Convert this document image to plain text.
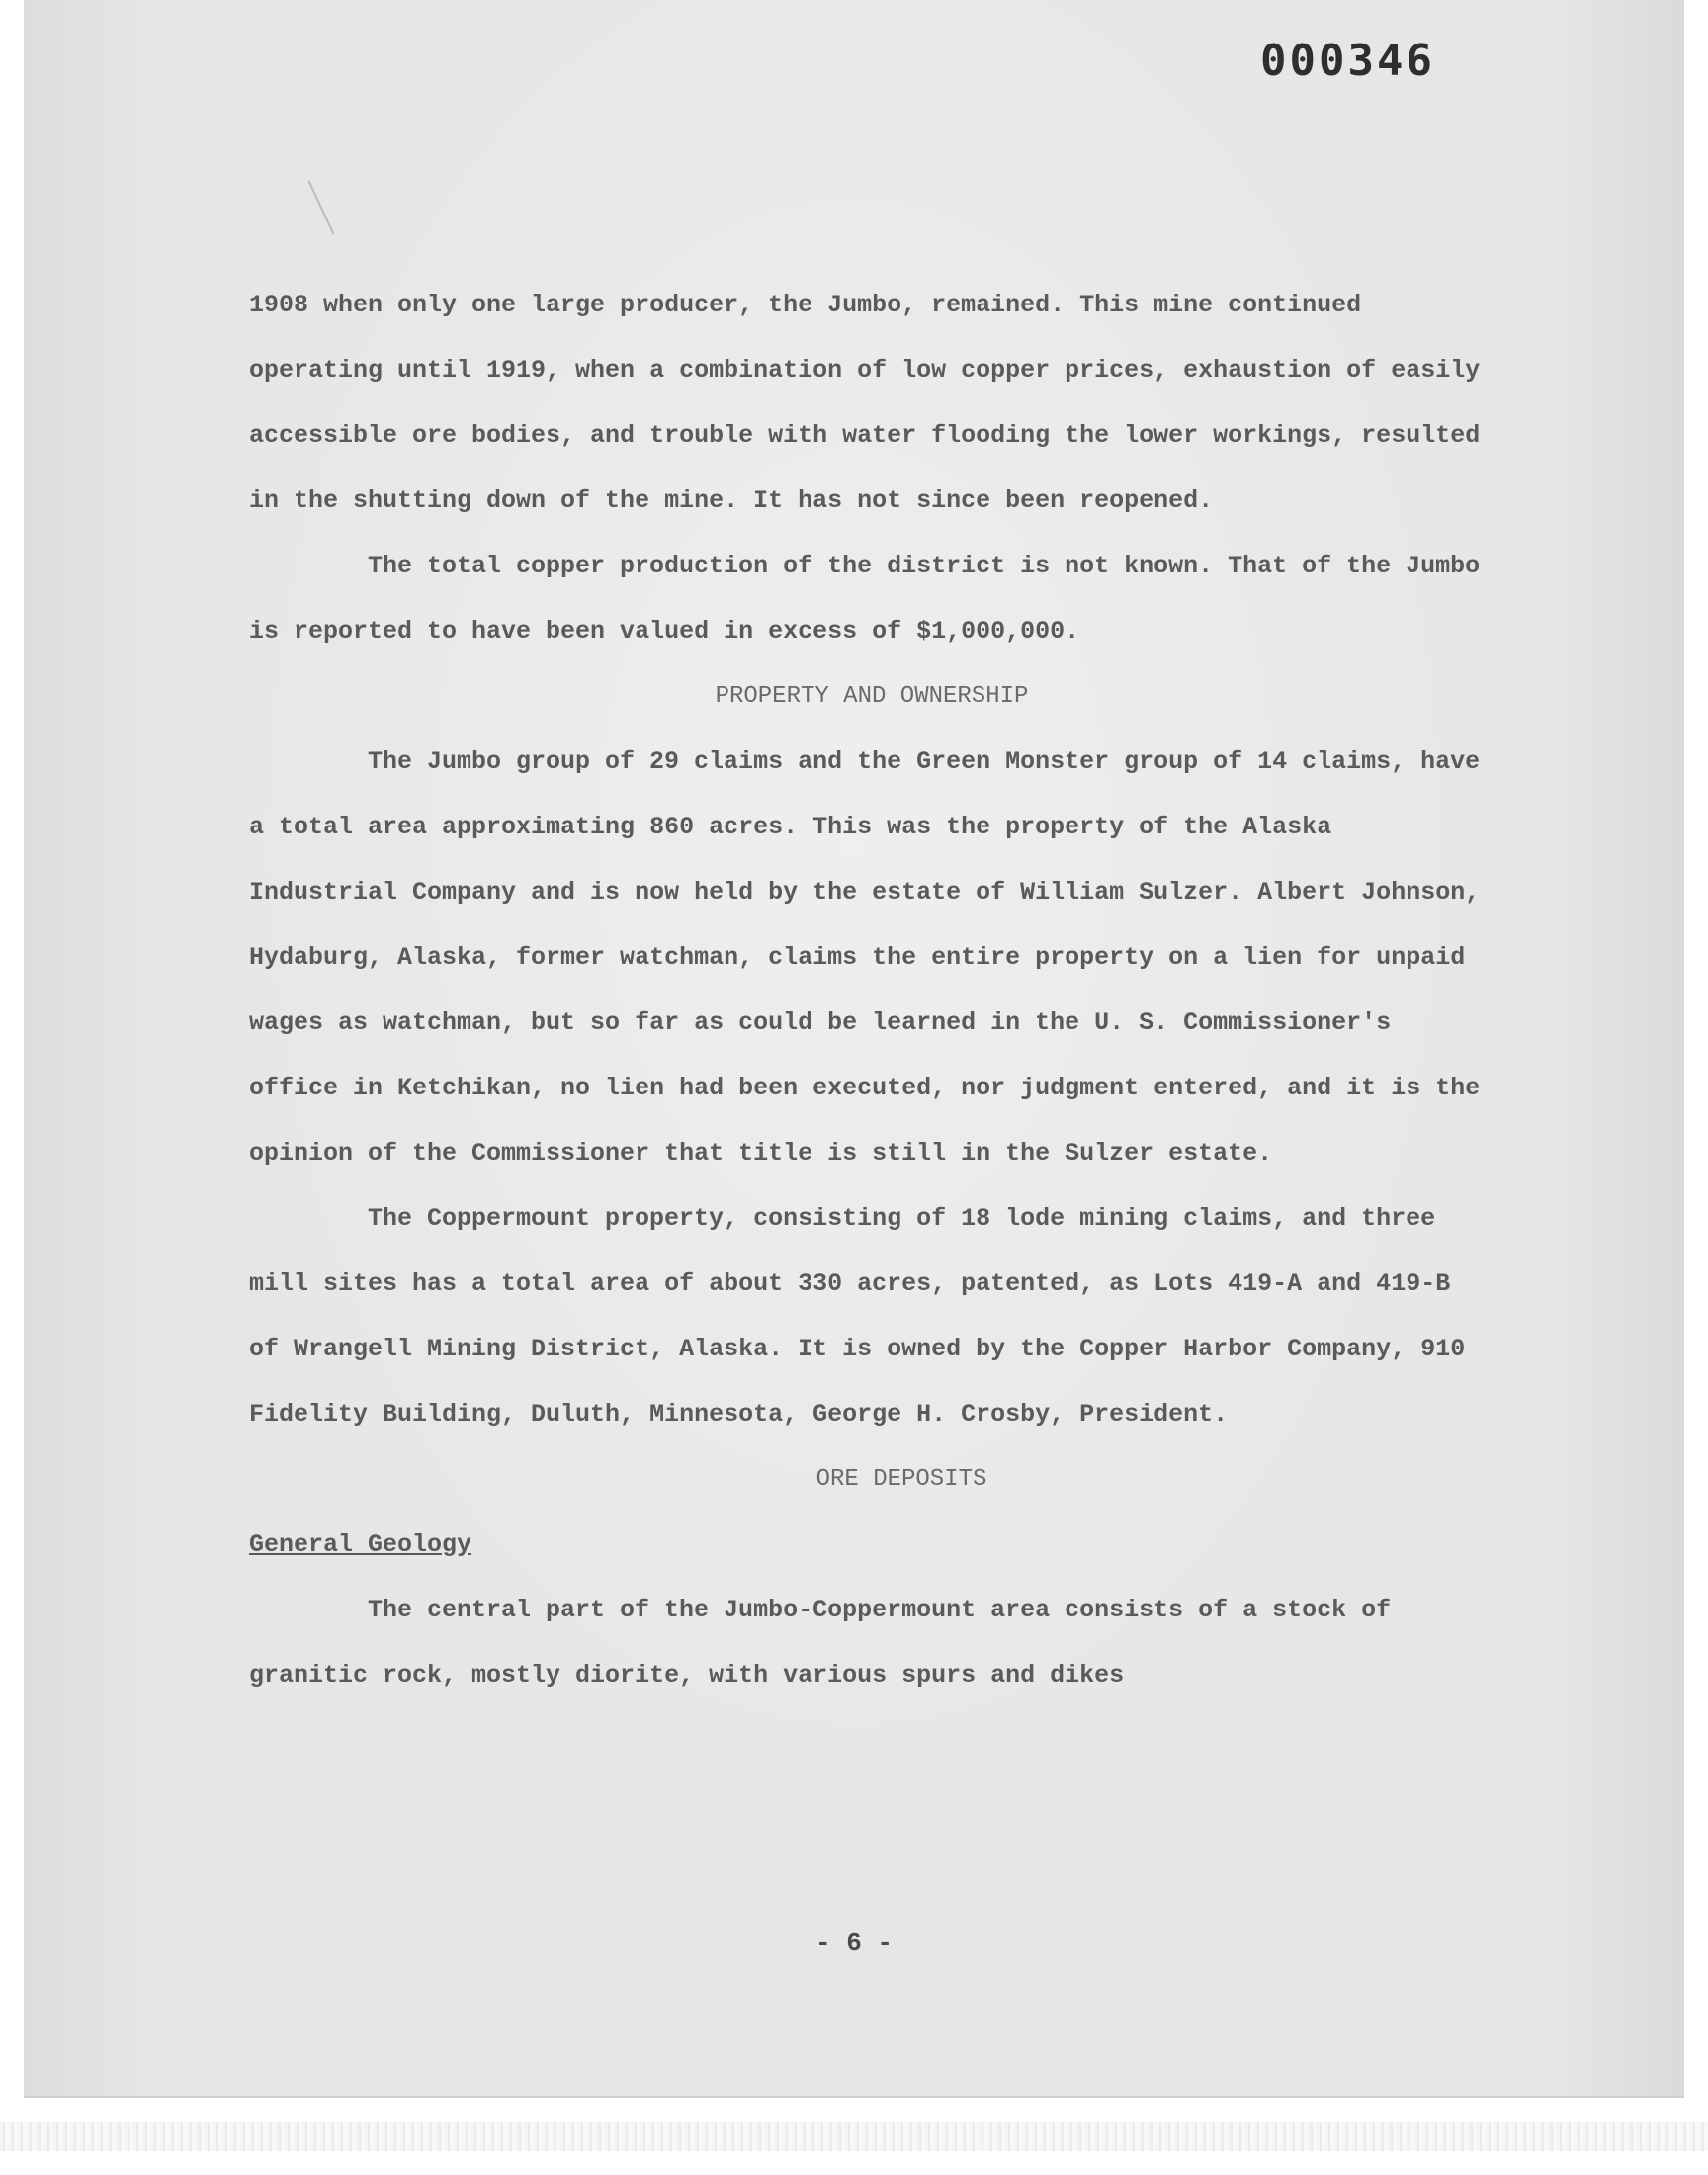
000346

1908 when only one large producer, the Jumbo, remained. This mine continued operating until 1919, when a combination of low copper prices, exhaustion of easily accessible ore bodies, and trouble with water flooding the lower workings, resulted in the shutting down of the mine. It has not since been reopened.

The total copper production of the district is not known. That of the Jumbo is reported to have been valued in excess of $1,000,000.

PROPERTY AND OWNERSHIP

The Jumbo group of 29 claims and the Green Monster group of 14 claims, have a total area approximating 860 acres. This was the property of the Alaska Industrial Company and is now held by the estate of William Sulzer. Albert Johnson, Hydaburg, Alaska, former watchman, claims the entire property on a lien for unpaid wages as watchman, but so far as could be learned in the U. S. Commissioner's office in Ketchikan, no lien had been executed, nor judgment entered, and it is the opinion of the Commissioner that title is still in the Sulzer estate.

The Coppermount property, consisting of 18 lode mining claims, and three mill sites has a total area of about 330 acres, patented, as Lots 419-A and 419-B of Wrangell Mining District, Alaska. It is owned by the Copper Harbor Company, 910 Fidelity Building, Duluth, Minnesota, George H. Crosby, President.

ORE DEPOSITS

General Geology

The central part of the Jumbo-Coppermount area consists of a stock of granitic rock, mostly diorite, with various spurs and dikes

- 6 -
